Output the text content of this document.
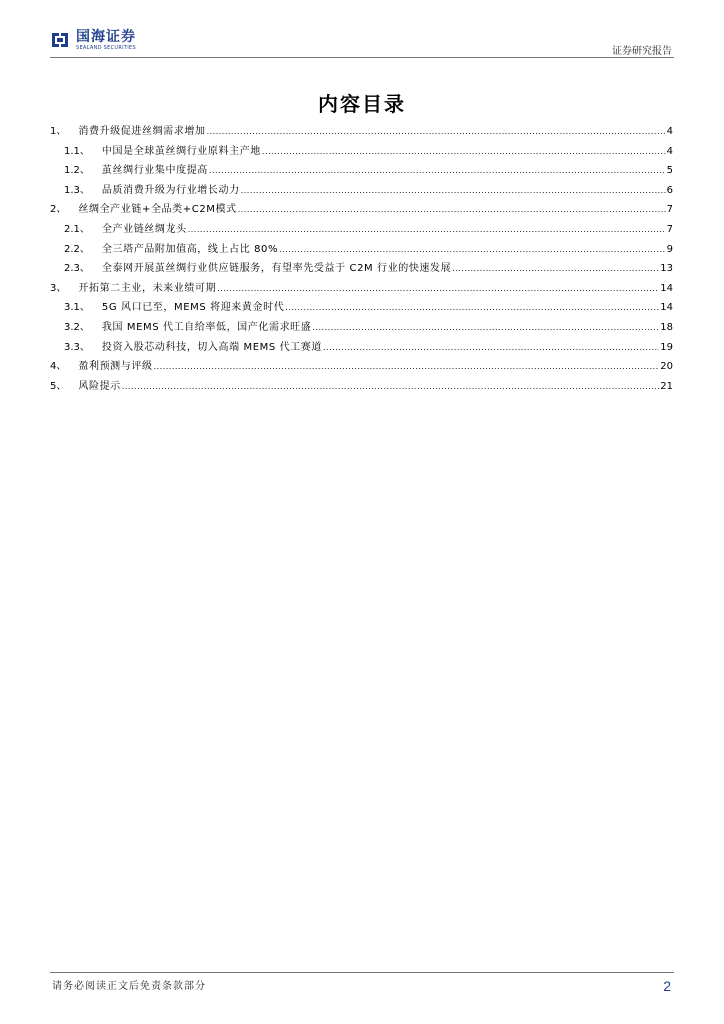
国海证券
SEALAND SECURITIES	证券研究报告
内容目录
1、 消费升级促进丝绸需求增加 .....	4
1.1、 中国是全球茧丝绸行业原料主产地 .....	4
1.2、 茧丝绸行业集中度提高 .....	5
1.3、 品质消费升级为行业增长动力 .....	6
2、 丝绸全产业链+全品类+C2M模式 .....	7
2.1、 全产业链丝绸龙头 .....	7
2.2、 全三塔产品附加值高，线上占比 80% .....	9
2.3、 全泰网开展茧丝绸行业供应链服务，有望率先受益于 C2M 行业的快速发展 .....	13
3、 开拓第二主业，未来业绩可期 .....	14
3.1、 5G 风口已至，MEMS 将迎来黄金时代 .....	14
3.2、 我国 MEMS 代工自给率低，国产化需求旺盛 .....	18
3.3、 投资入股芯动科技，切入高端 MEMS 代工赛道 .....	19
4、 盈利预测与评级 .....	20
5、 风险提示 .....	21
请务必阅读正文后免责条款部分	2
